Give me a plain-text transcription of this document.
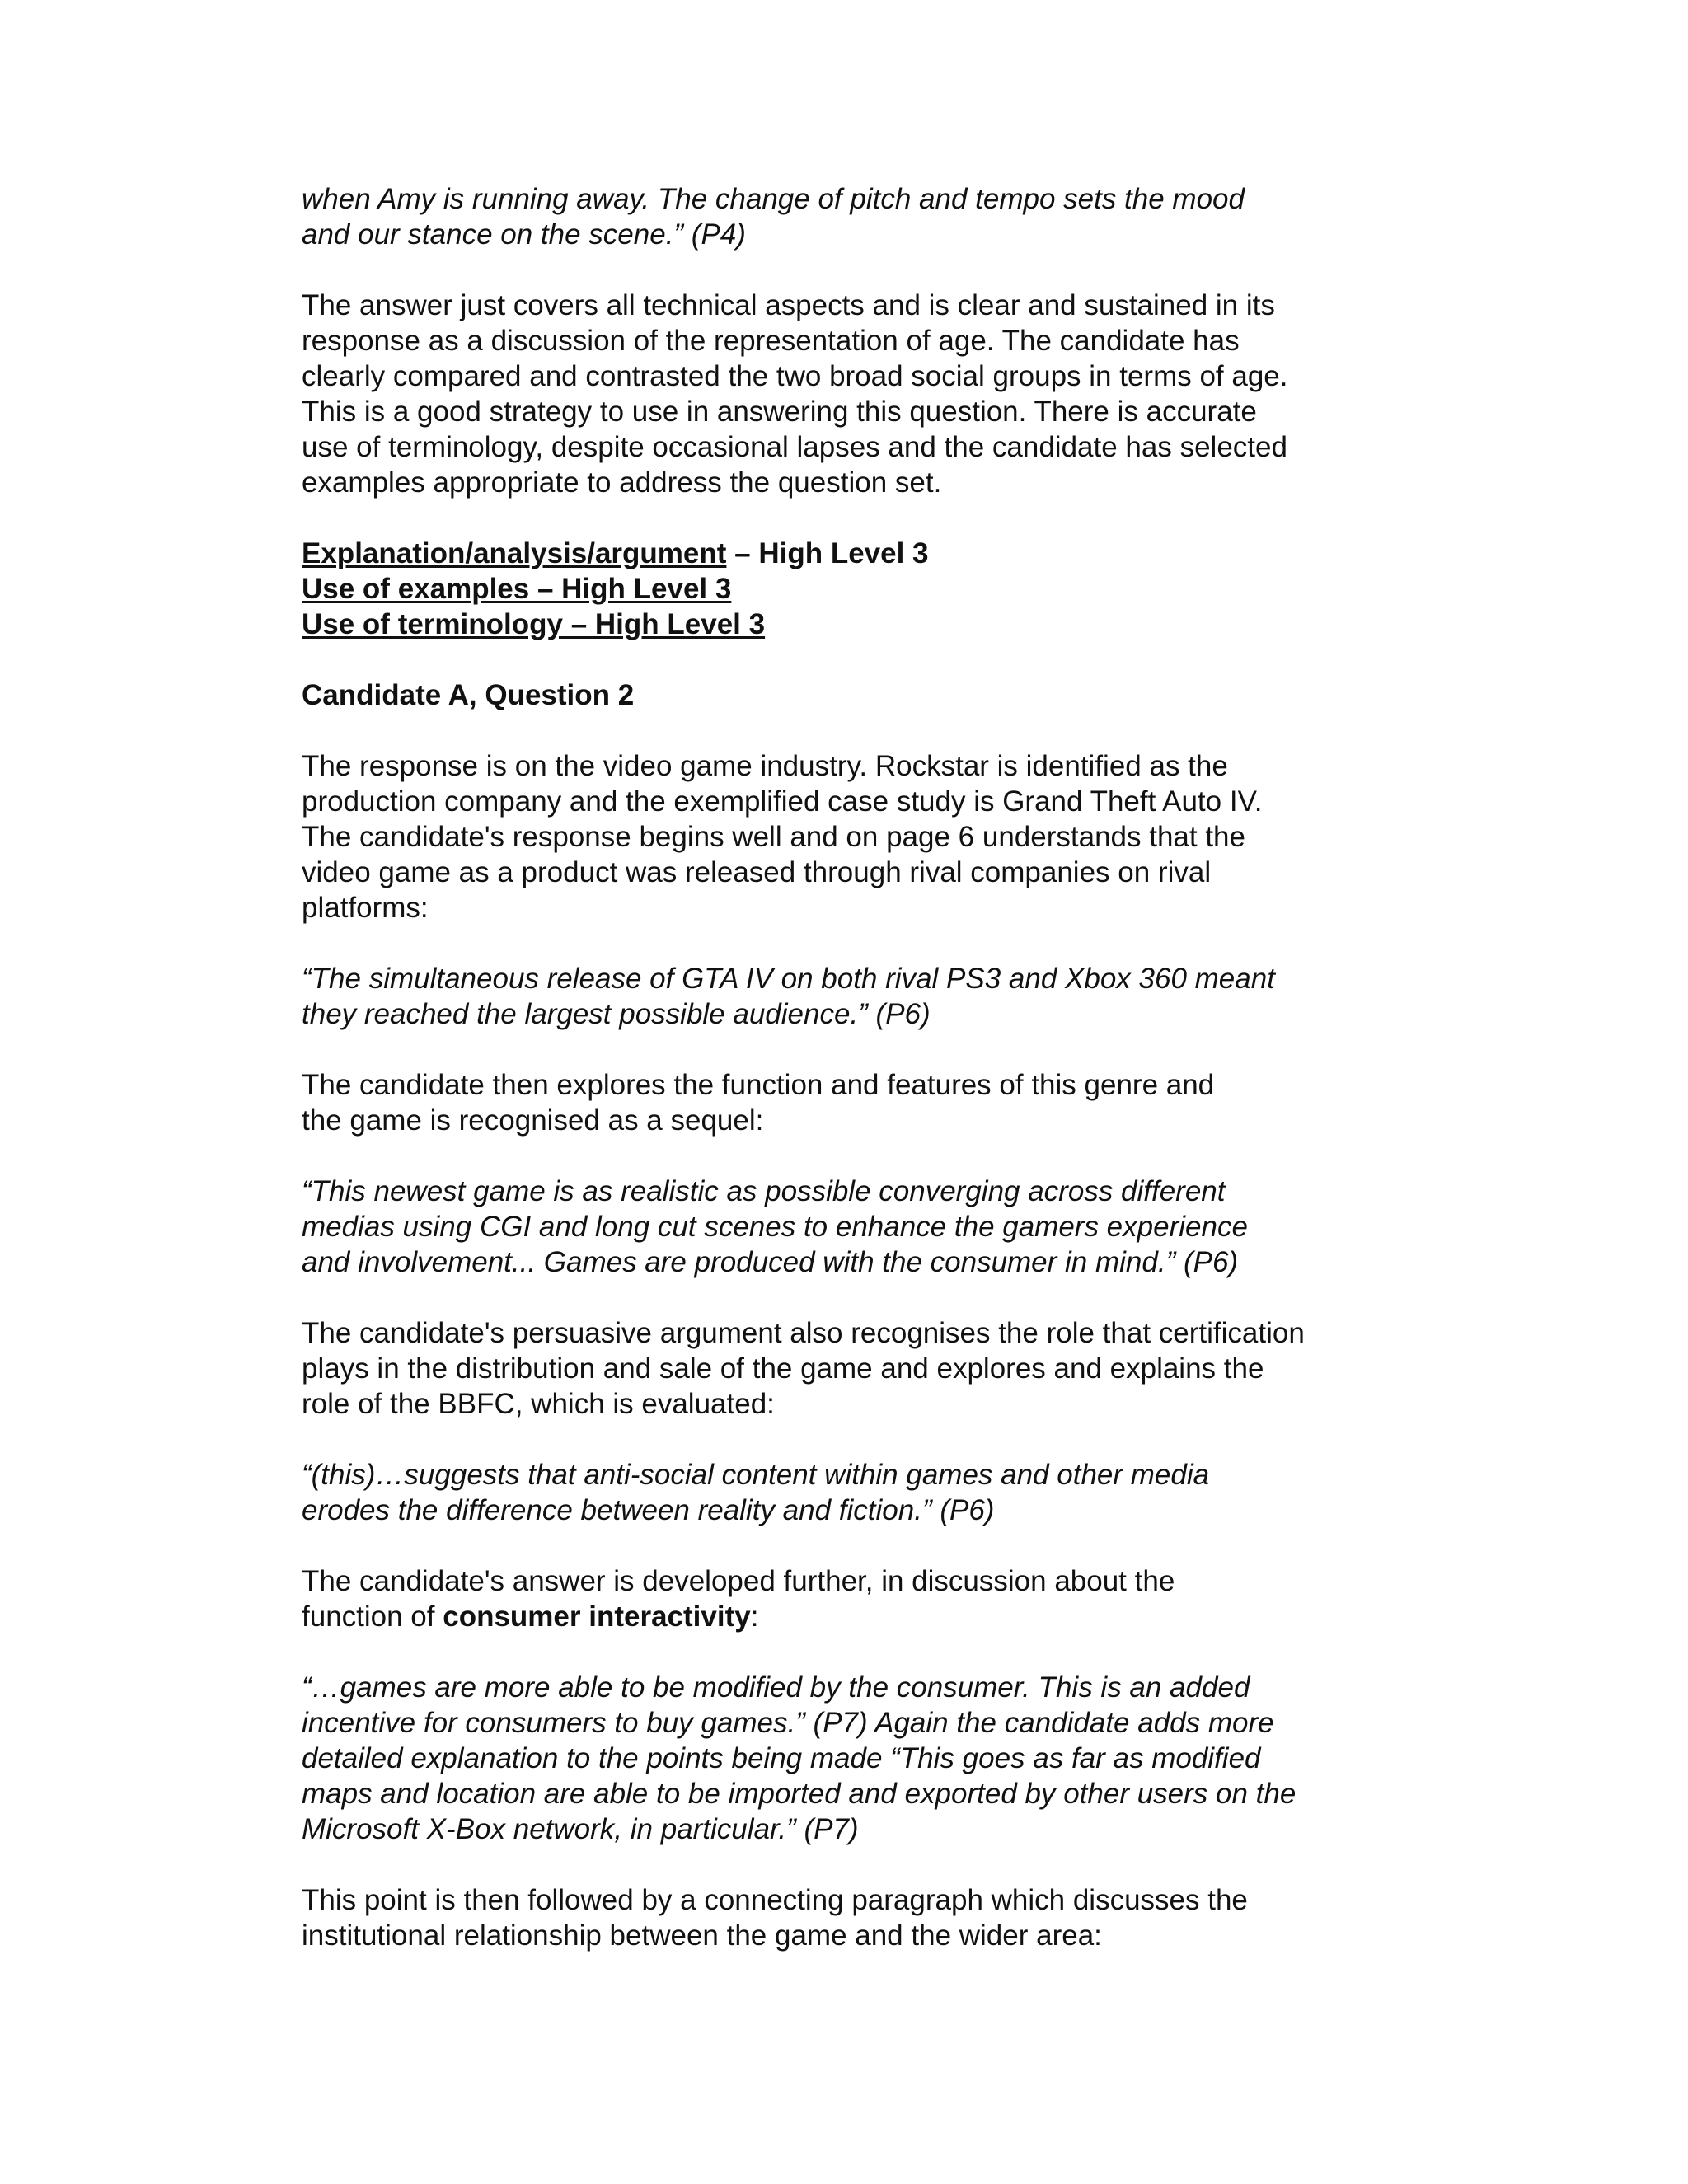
when Amy is running away. The change of pitch and tempo sets the mood
and our stance on the scene.” (P4)
The answer just covers all technical aspects and is clear and sustained in its
response as a discussion of the representation of age. The candidate has
clearly compared and contrasted the two broad social groups in terms of age.
This is a good strategy to use in answering this question. There is accurate
use of terminology, despite occasional lapses and the candidate has selected
examples appropriate to address the question set.
Explanation/analysis/argument – High Level 3
Use of examples – High Level 3
Use of terminology – High Level 3
Candidate A, Question 2
The response is on the video game industry. Rockstar is identified as the
production company and the exemplified case study is Grand Theft Auto IV.
The candidate's response begins well and on page 6 understands that the
video game as a product was released through rival companies on rival
platforms:
“The simultaneous release of GTA IV on both rival PS3 and Xbox 360 meant
they reached the largest possible audience.” (P6)
The candidate then explores the function and features of this genre and
the game is recognised as a sequel:
“This newest game is as realistic as possible converging across different
medias using CGI and long cut scenes to enhance the gamers experience
and involvement... Games are produced with the consumer in mind.” (P6)
The candidate's persuasive argument also recognises the role that certification
plays in the distribution and sale of the game and explores and explains the
role of the BBFC, which is evaluated:
“(this)…suggests that anti-social content within games and other media
erodes the difference between reality and fiction.” (P6)
The candidate's answer is developed further, in discussion about the
function of consumer interactivity:
“…games are more able to be modified by the consumer. This is an added
incentive for consumers to buy games.” (P7) Again the candidate adds more
detailed explanation to the points being made “This goes as far as modified
maps and location are able to be imported and exported by other users on the
Microsoft X-Box network, in particular.” (P7)
This point is then followed by a connecting paragraph which discusses the
institutional relationship between the game and the wider area:
